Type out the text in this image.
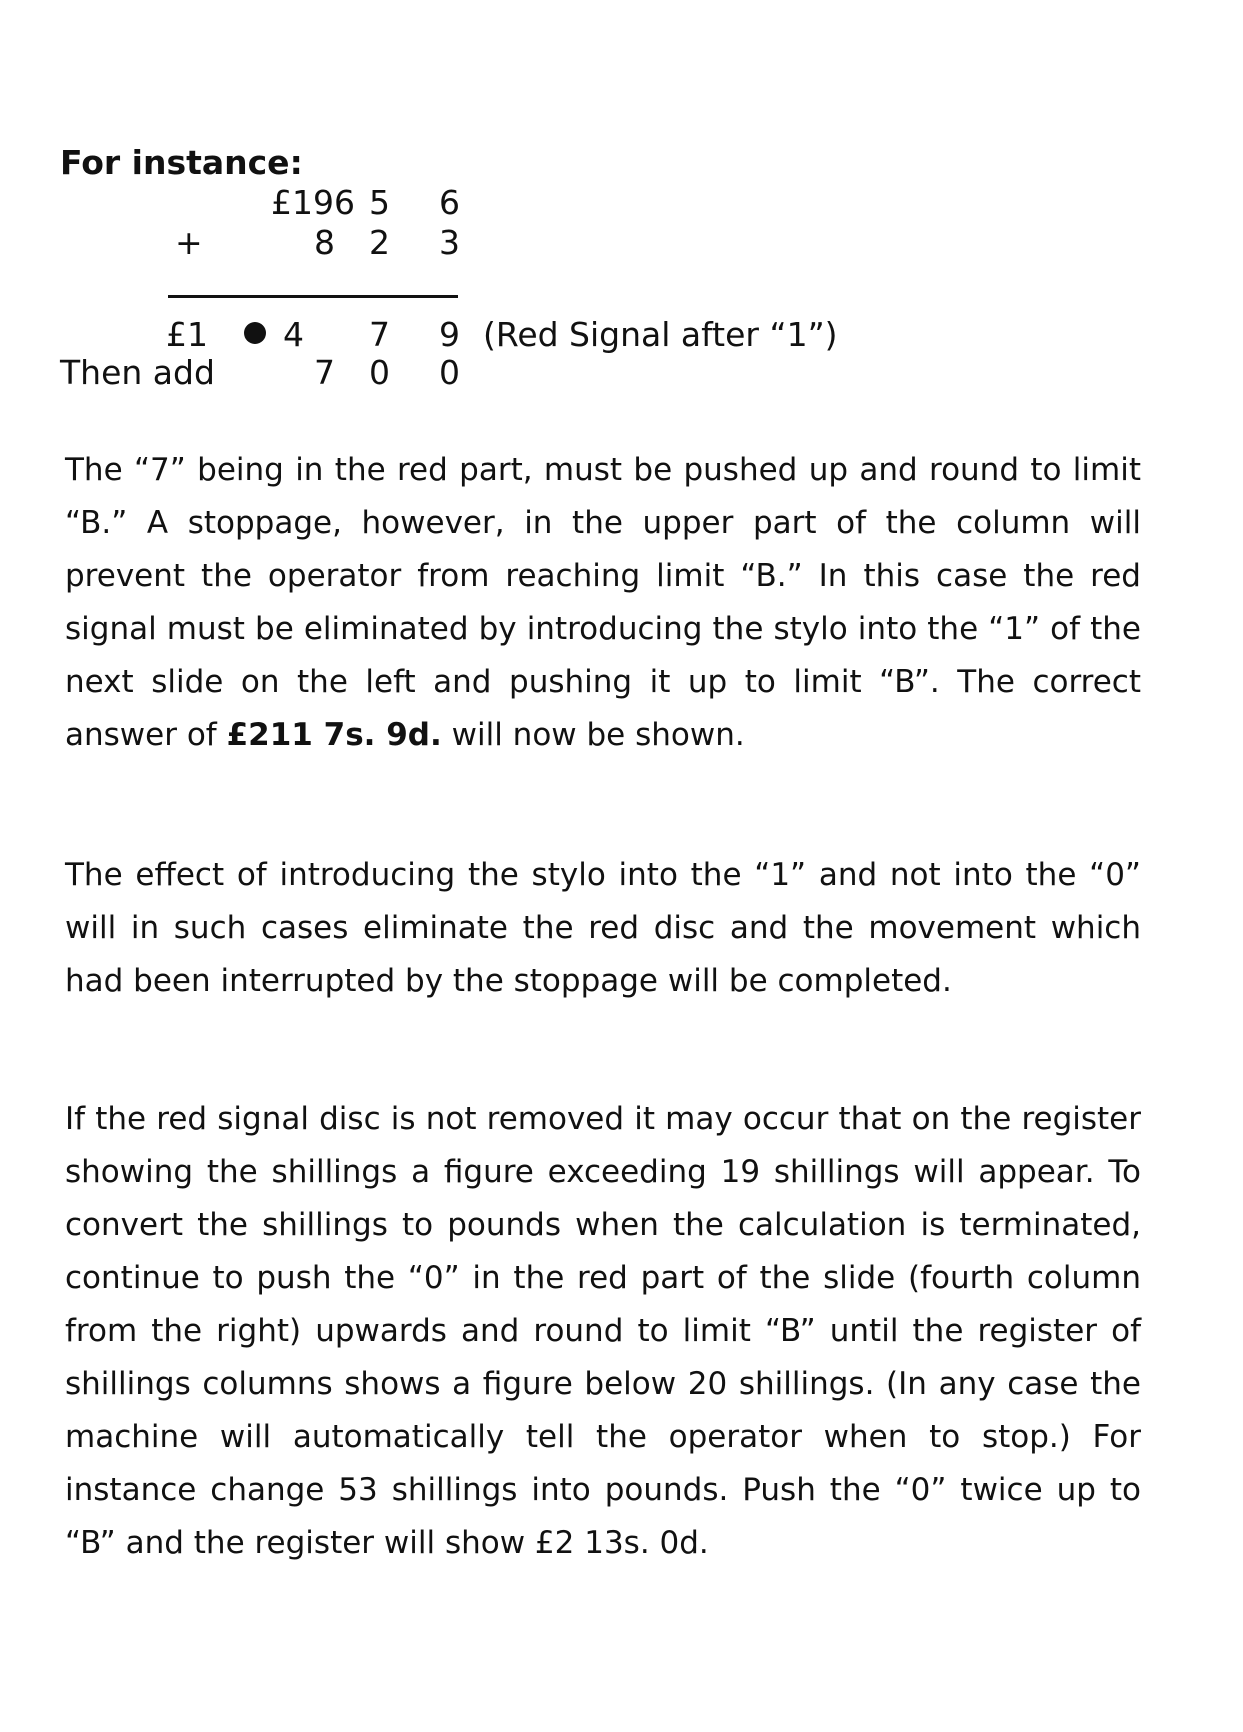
For instance:
£196 5 6
+	8 2 3
£1	4 7 9 (Red Signal after “1”)
Then add	7 0 0

The “7” being in the red part, must be pushed up and round to limit “B.” A stoppage, however, in the upper part of the column will prevent the operator from reaching limit “B.” In this case the red signal must be eliminated by introducing the stylo into the “1” of the next slide on the left and pushing it up to limit “B”. The correct answer of £211 7s. 9d. will now be shown.

The effect of introducing the stylo into the “1” and not into the “0” will in such cases eliminate the red disc and the movement which had been interrupted by the stoppage will be completed.

If the red signal disc is not removed it may occur that on the register showing the shillings a figure exceeding 19 shillings will appear. To convert the shillings to pounds when the calculation is terminated, continue to push the “0” in the red part of the slide (fourth column from the right) upwards and round to limit “B” until the register of shillings columns shows a figure below 20 shillings. (In any case the machine will automatically tell the operator when to stop.) For instance change 53 shillings into pounds. Push the “0” twice up to “B” and the register will show £2 13s. 0d.
